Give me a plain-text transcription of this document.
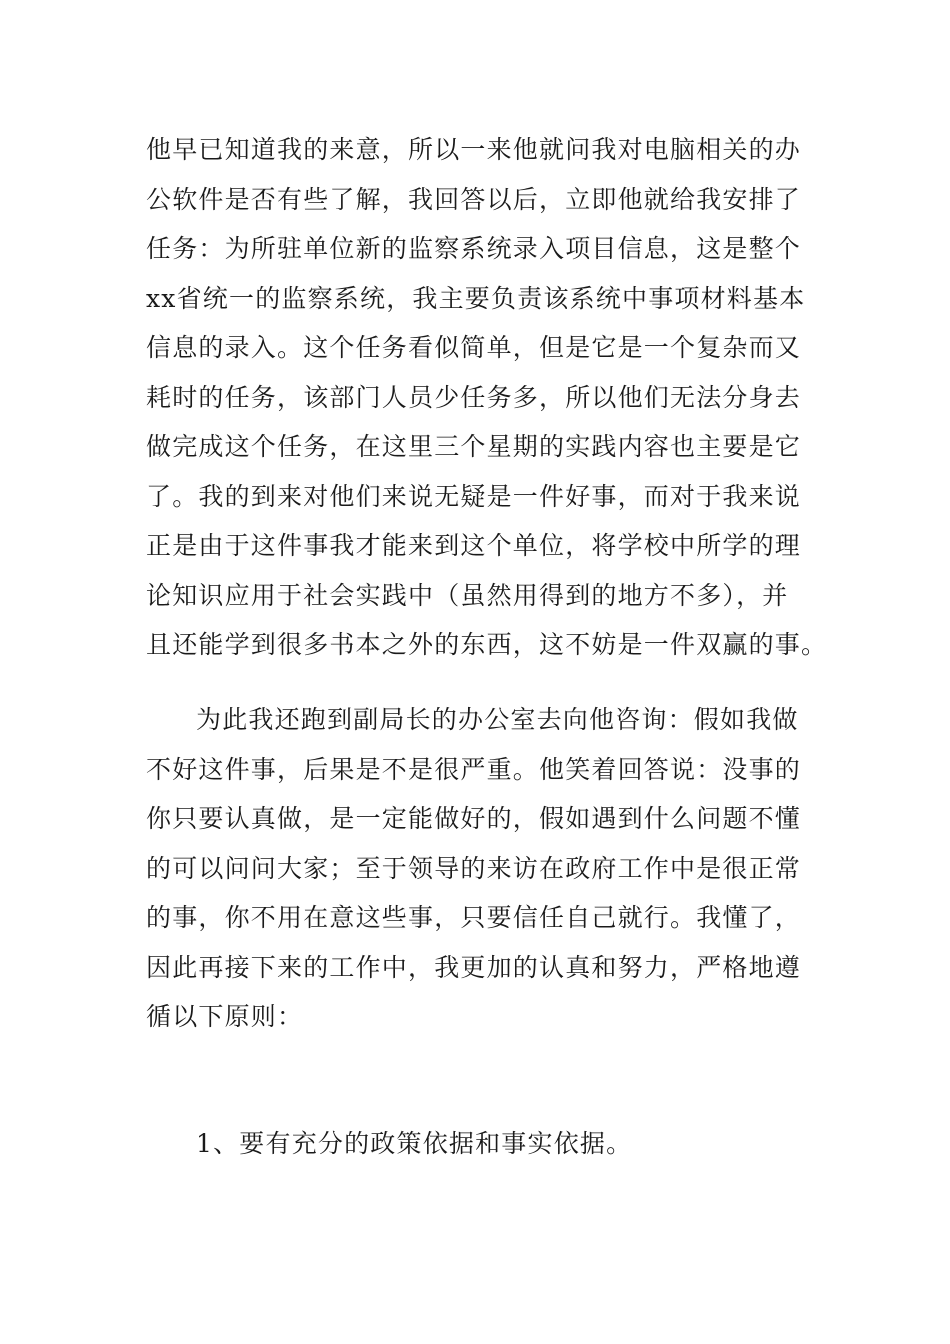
他早已知道我的来意，所以一来他就问我对电脑相关的办
公软件是否有些了解，我回答以后，立即他就给我安排了
任务：为所驻单位新的监察系统录入项目信息，这是整个
xx省统一的监察系统，我主要负责该系统中事项材料基本
信息的录入。这个任务看似简单，但是它是一个复杂而又
耗时的任务，该部门人员少任务多，所以他们无法分身去
做完成这个任务，在这里三个星期的实践内容也主要是它
了。我的到来对他们来说无疑是一件好事，而对于我来说
正是由于这件事我才能来到这个单位，将学校中所学的理
论知识应用于社会实践中（虽然用得到的地方不多），并
且还能学到很多书本之外的东西，这不妨是一件双赢的事。

为此我还跑到副局长的办公室去向他咨询：假如我做
不好这件事，后果是不是很严重。他笑着回答说：没事的
你只要认真做，是一定能做好的，假如遇到什么问题不懂
的可以问问大家；至于领导的来访在政府工作中是很正常
的事，你不用在意这些事，只要信任自己就行。我懂了，
因此再接下来的工作中，我更加的认真和努力，严格地遵
循以下原则：

1、要有充分的政策依据和事实依据。
